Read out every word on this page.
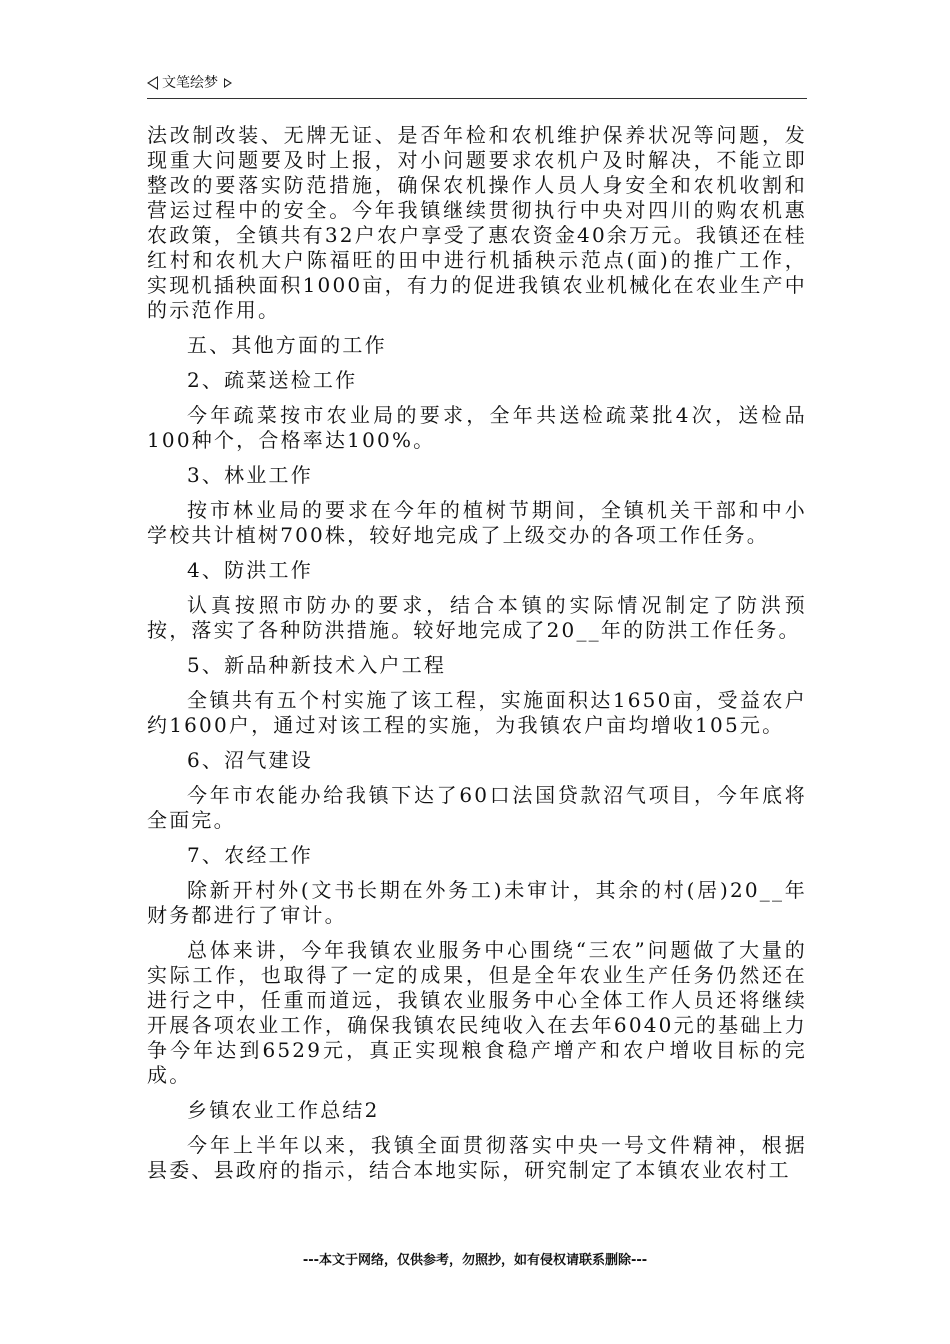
文笔绘梦

法改制改装、无牌无证、是否年检和农机维护保养状况等问题，发现重大问题要及时上报，对小问题要求农机户及时解决，不能立即整改的要落实防范措施，确保农机操作人员人身安全和农机收割和营运过程中的安全。今年我镇继续贯彻执行中央对四川的购农机惠农政策，全镇共有32户农户享受了惠农资金40余万元。我镇还在桂红村和农机大户陈福旺的田中进行机插秧示范点(面)的推广工作，实现机插秧面积1000亩，有力的促进我镇农业机械化在农业生产中的示范作用。

五、其他方面的工作

2、疏菜送检工作

今年疏菜按市农业局的要求，全年共送检疏菜批4次，送检品100种个，合格率达100%。

3、林业工作

按市林业局的要求在今年的植树节期间，全镇机关干部和中小学校共计植树700株，较好地完成了上级交办的各项工作任务。

4、防洪工作

认真按照市防办的要求，结合本镇的实际情况制定了防洪预按，落实了各种防洪措施。较好地完成了20__年的防洪工作任务。

5、新品种新技术入户工程

全镇共有五个村实施了该工程，实施面积达1650亩，受益农户约1600户，通过对该工程的实施，为我镇农户亩均增收105元。

6、沼气建设

今年市农能办给我镇下达了60口法国贷款沼气项目，今年底将全面完。

7、农经工作

除新开村外(文书长期在外务工)未审计，其余的村(居)20__年财务都进行了审计。

总体来讲，今年我镇农业服务中心围绕“三农”问题做了大量的实际工作，也取得了一定的成果，但是全年农业生产任务仍然还在进行之中，任重而道远，我镇农业服务中心全体工作人员还将继续开展各项农业工作，确保我镇农民纯收入在去年6040元的基础上力争今年达到6529元，真正实现粮食稳产增产和农户增收目标的完成。

乡镇农业工作总结2

今年上半年以来，我镇全面贯彻落实中央一号文件精神，根据县委、县政府的指示，结合本地实际，研究制定了本镇农业农村工

---本文于网络，仅供参考，勿照抄，如有侵权请联系删除---
